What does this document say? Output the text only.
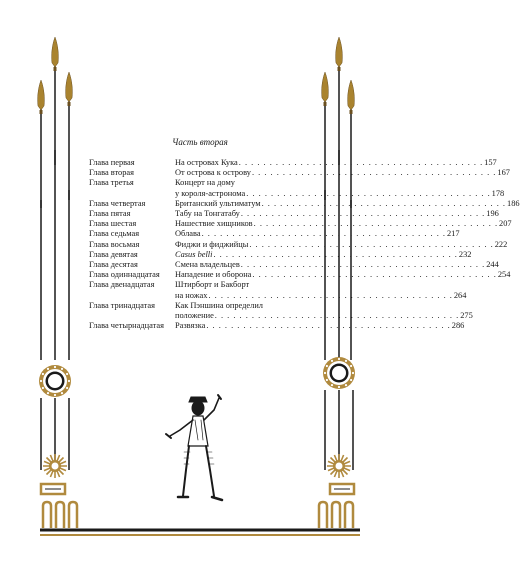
Часть вторая
Глава первая	На островах Кука . . . . . . . . . . . . . . . . . . . . . . . . . . . . . . . . . . . . . . . . 157
Глава вторая	От острова к острову . . . . . . . . . . . . . . . . . . . . . . . . . . . . . . . . . . . . . . . . 167
Глава третья	Концерт на дому
у короля-астронома . . . . . . . . . . . . . . . . . . . . . . . . . . . . . . . . . . . . . . . . 178
Глава четвертая	Британский ультиматум . . . . . . . . . . . . . . . . . . . . . . . . . . . . . . . . . . . . . . . . 186
Глава пятая	Табу на Тонгатабу . . . . . . . . . . . . . . . . . . . . . . . . . . . . . . . . . . . . . . . . 196
Глава шестая	Нашествие хищников . . . . . . . . . . . . . . . . . . . . . . . . . . . . . . . . . . . . . . . . 207
Глава седьмая	Облава . . . . . . . . . . . . . . . . . . . . . . . . . . . . . . . . . . . . . . . . 217
Глава восьмая	Фиджи и фиджийцы . . . . . . . . . . . . . . . . . . . . . . . . . . . . . . . . . . . . . . . . 222
Глава девятая	Casus belli . . . . . . . . . . . . . . . . . . . . . . . . . . . . . . . . . . . . . . . . 232
Глава десятая	Смена владельцев . . . . . . . . . . . . . . . . . . . . . . . . . . . . . . . . . . . . . . . . 244
Глава одиннадцатая	Нападение и оборона . . . . . . . . . . . . . . . . . . . . . . . . . . . . . . . . . . . . . . . . 254
Глава двенадцатая	Штирборт и Бакборт
на ножах . . . . . . . . . . . . . . . . . . . . . . . . . . . . . . . . . . . . . . . . 264
Глава тринадцатая	Как Пэншина определил
положение . . . . . . . . . . . . . . . . . . . . . . . . . . . . . . . . . . . . . . . . 275
Глава четырнадцатая	Развязка . . . . . . . . . . . . . . . . . . . . . . . . . . . . . . . . . . . . . . . . 286
